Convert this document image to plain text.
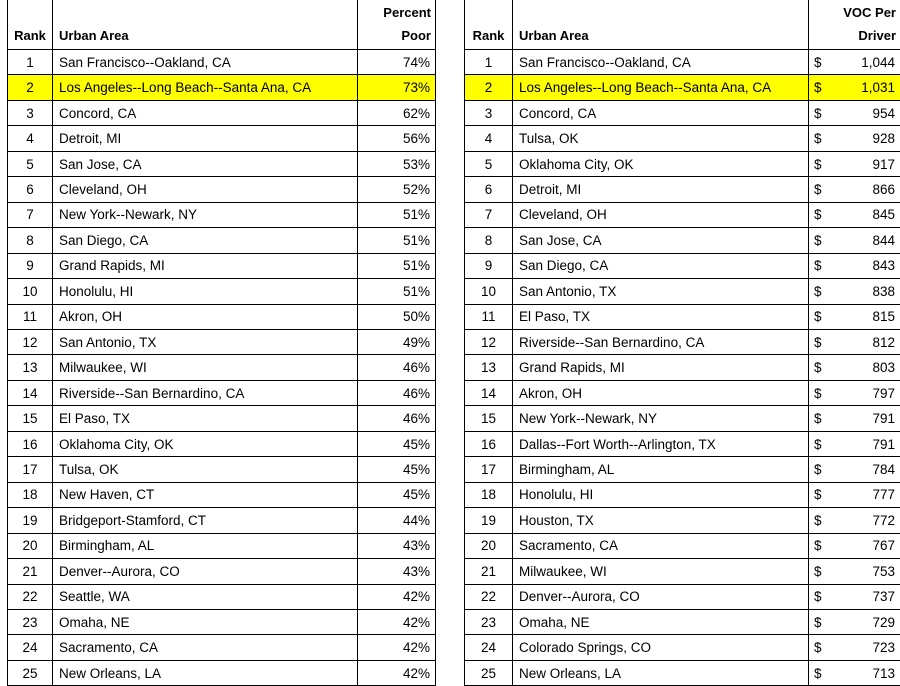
Rank	Urban Area	Percent
Poor
1	San Francisco--Oakland, CA	74%
2	Los Angeles--Long Beach--Santa Ana, CA	73%
3	Concord, CA	62%
4	Detroit, MI	56%
5	San Jose, CA	53%
6	Cleveland, OH	52%
7	New York--Newark, NY	51%
8	San Diego, CA	51%
9	Grand Rapids, MI	51%
10	Honolulu, HI	51%
11	Akron, OH	50%
12	San Antonio, TX	49%
13	Milwaukee, WI	46%
14	Riverside--San Bernardino, CA	46%
15	El Paso, TX	46%
16	Oklahoma City, OK	45%
17	Tulsa, OK	45%
18	New Haven, CT	45%
19	Bridgeport-Stamford, CT	44%
20	Birmingham, AL	43%
21	Denver--Aurora, CO	43%
22	Seattle, WA	42%
23	Omaha, NE	42%
24	Sacramento, CA	42%
25	New Orleans, LA	42%
Rank	Urban Area	VOC Per
Driver
1	San Francisco--Oakland, CA	$ 1,044

2	Los Angeles--Long Beach--Santa Ana, CA	$ 1,031

3	Concord, CA	$ 954

4	Tulsa, OK	$ 928

5	Oklahoma City, OK	$ 917

6	Detroit, MI	$ 866

7	Cleveland, OH	$ 845

8	San Jose, CA	$ 844

9	San Diego, CA	$ 843

10	San Antonio, TX	$ 838

11	El Paso, TX	$ 815

12	Riverside--San Bernardino, CA	$ 812

13	Grand Rapids, MI	$ 803

14	Akron, OH	$ 797

15	New York--Newark, NY	$ 791

16	Dallas--Fort Worth--Arlington, TX	$ 791

17	Birmingham, AL	$ 784

18	Honolulu, HI	$ 777

19	Houston, TX	$ 772

20	Sacramento, CA	$ 767

21	Milwaukee, WI	$ 753

22	Denver--Aurora, CO	$ 737

23	Omaha, NE	$ 729

24	Colorado Springs, CO	$ 723

25	New Orleans, LA	$ 713
